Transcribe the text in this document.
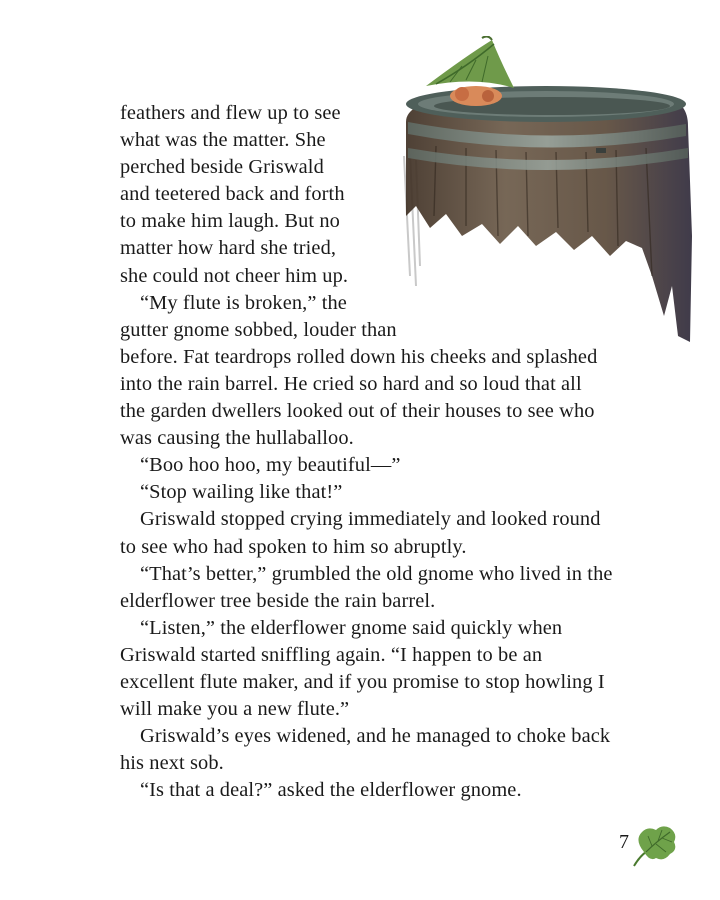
feathers and flew up to see
what was the matter. She
perched beside Griswald
and teetered back and forth
to make him laugh. But no
matter how hard she tried,
she could not cheer him up.
“My flute is broken,” the
gutter gnome sobbed, louder than
before. Fat teardrops rolled down his cheeks and splashed
into the rain barrel. He cried so hard and so loud that all
the garden dwellers looked out of their houses to see who
was causing the hullaballoo.
“Boo hoo hoo, my beautiful—”
“Stop wailing like that!”
Griswald stopped crying immediately and looked round
to see who had spoken to him so abruptly.
“That’s better,” grumbled the old gnome who lived in the
elderflower tree beside the rain barrel.
“Listen,” the elderflower gnome said quickly when
Griswald started sniffling again. “I happen to be an
excellent flute maker, and if you promise to stop howling I
will make you a new flute.”
Griswald’s eyes widened, and he managed to choke back
his next sob.
“Is that a deal?” asked the elderflower gnome.
7
